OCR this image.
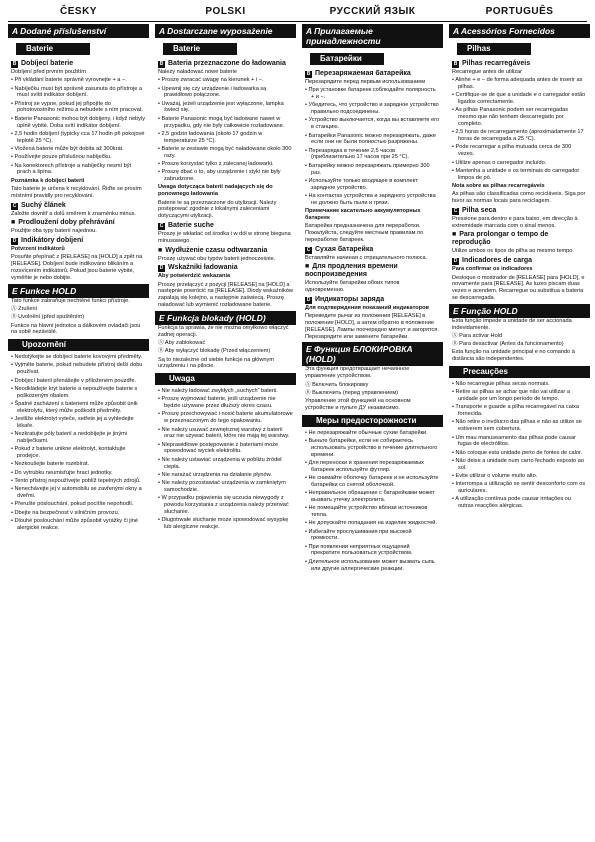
ČESKY
A Dodané příslušenství
Baterie
B Dobíjecí baterie

Dobíjení před prvním použitím

• Při vkládání baterie správně vyrovnejte + a −.

• Nabíječku musí být správně zasunuta do přístroje a musí svítit indikátor dobíjení.

• Přístroj se vypne, pokud jej připojíte do pohotovostního režimu a nebudete s ním pracovat.

• Baterie Panasonic mohou být dobíjeny, i když nebyly úplně vybité. Doba svítí indikátor dobíjení.

• 2,5 hodin dobíjení (typicky cca 17 hodin při pokojové teplotě 25 °C).

• Vložená baterie může být dobita až 300krát.

• Používejte pouze příslušnou nabíječku.

• Na konektorech přístroje a nabíječky nesmí být prach a špína.

Poznámka k dobíjecí baterii

Tato baterie je určena k recyklování. Řiďte se prosím místními pravidly pro recyklování.

C Suchý článek

Založte dovnitř a dolů směrem k znaménku minus.

■ Prodloužení doby přehrávání

Použijte oba typy baterií najednou.

D Indikátory dobíjení

Potvrzení indikátorů

Posuňte přepínač z [RELEASE] na [HOLD] a zpět na [RELEASE]. Dobíjení bude indikováno blikáním a rozsvícením indikátorů. Pokud jsou baterie vybité, vyměňte je nebo dobijte.

E Funkce HOLD

Tato funkce zabraňuje nechtěné funkci přístroje.

Ⓐ Zrušení

Ⓑ Uvolnění (před spuštěním)

Funkce na hlavní jednotce a dálkovém ovladači jsou na sobě nezávislé.

Upozornění

• Nedotýkejte se dobíjecí baterie kovovými předměty.

• Vyjměte baterie, pokud nebudete přístroj delší dobu používat.

• Dobíjecí baterii přenášejte v přiloženém pouzdře.

• Neodkládejte kryt baterie a nepoužívejte baterie s poškozeným obalem.

• Špatné zacházení s bateriemi může způsobit únik elektrolytu, který může poškodit předměty.

• Jestliže elektrolyt vyteče, setřete jej a vyhledejte lékaře.

• Nezkratujte póly baterií a nedobíjejte je jinými nabíječkami.

• Pokud z baterie unikne elektrolyt, kontaktujte prodejce.

• Nezkoušejte baterie rozebírat.

• Do vytrubku neumisťujte hrací jednotky.

• Tento přístroj nepoužívejte poblíž tepelných zdrojů.

• Nenechávejte jej v automobilu se zavřenými okny a dveřmi.

• Přerušte poslouchání, pokud pocítíte nepohodlí.

• Dbejte na bezpečnost v silničním provozu.

• Dlouhé poslouchání může způsobit vyrážky či jiné alergické reakce.

POLSKI
A Dostarczane wyposażenie
Baterie
B Bateria przeznaczone do ładowania

Należy naładować nowe baterie

• Proszę zwracać uwagę na kierunek + i −.

• Upewnij się czy urządzenie i ładowarka są prawidłowo połączone.

• Uważaj, jeżeli urządzenie jest wyłączone, lampka świeci się.

• Baterie Panasonic mogą być ładowane nawet w przypadku, gdy nie były całkowicie rozładowane.

• 2,5 godzin ładowania (około 17 godzin w temperaturze 25 °C).

• Baterie w zestawie mogą być naładowane około 300 razy.

• Proszę korzystać tylko z zalecanej ładowarki.

• Proszę dbać o to, aby urządzenie i styki nie były zabrudzone.

Uwaga dotycząca baterii nadających się do ponownego ładowania

Baterie te są przeznaczone do utylizacji. Należy postępować zgodnie z lokalnymi zaleceniami dotyczącymi utylizacji.

C Baterie suche

Proszę je wkładać od środka i w dół w stronę bieguna minusowego.

■ Wydłużenie czasu odtwarzania

Proszę używać obu typów baterii jednocześnie.

D Wskaźniki ładowania

Aby potwierdzić wskazania

Proszę przełączyć z pozycji [RELEASE] na [HOLD] a następnie powrócić na [RELEASE]. Diody wskaźników zapalają się kolejno, a następnie zaświecą. Proszę naładować lub wymienić rozładowane baterie.

E Funkcja blokady (HOLD)

Funkcja ta sprawia, że nie można omyłkowo włączyć żadnej operacji.

Ⓐ Aby zablokować

Ⓑ Aby wyłączyć blokadę (Przed włączeniem)

Są to niezależne od siebie funkcje na głównym urządzeniu i na pilocie.

Uwaga

• Nie należy ładować zwykłych „suchych” baterii.

• Proszę wyjmować baterie, jeśli urządzenie nie będzie używane przez dłuższy okres czasu.

• Proszę przechowywać i nosić baterie akumulatorowe w przeznaczonym do tego opakowaniu.

• Nie należy usuwać zewnętrznej warstwy z baterii oraz nie używać baterii, które nie mają tej warstwy.

• Nieprawidłowe postępowanie z bateriami może spowodować wyciek elektrolitu.

• Nie należy ustawiać urządzenia w pobliżu źródeł ciepła.

• Nie narażać urządzenia na działanie płynów.

• Nie należy pozostawiać urządzenia w zamkniętym samochodzie.

• W przypadku pojawienia się uczucia niewygody z powodu korzystania z urządzenia należy przerwać słuchanie.

• Długotrwałe słuchanie może spowodować wysypkę lub alergiczne reakcje.

РУССКИЙ ЯЗЫК
A Прилагаемые принадлежности
Батарейки
B Перезаряжаемая батарейка

Перезарядите перед первым использованием

• При установке батареек соблюдайте полярность + и −.

• Убедитесь, что устройство и зарядное устройство правильно подсоединены.

• Устройство выключается, когда вы вставляете его в станцию.

• Батарейки Panasonic можно перезаряжать, даже если они не были полностью разряжены.

• Перезарядка в течение 2,5 часов (приблизительно 17 часов при 25 °C).

• Батарейку можно перезаряжать примерно 300 раз.

• Используйте только входящее в комплект зарядное устройство.

• На контактах устройства и зарядного устройства не должно быть пыли и грязи.

Примечание касательно аккумуляторных батареек

Батарейка предназначена для переработки. Пожалуйста, следуйте местным правилам по переработке батареек.

C Сухая батарейка

Вставляйте начиная с отрицательного полюса.

■ Для продления времени воспроизведения

Используйте батарейки обоих типов одновременно.

D Индикаторы заряда

Для подтверждения показаний индикаторов

Переведите рычаг из положения [RELEASE] в положение [HOLD], а затем обратно в положение [RELEASE]. Лампы поочередно мигнут и загорятся. Перезарядите или замените батарейки.

E Функция БЛОКИРОВКА (HOLD)

Эта функция предотвращает нечаянное управление устройством.

Ⓐ Включить блокировку

Ⓑ Выключить (перед управлением)

Управление этой функцией на основном устройстве и пульте ДУ независимо.

Меры предосторожности

• Не перезаряжайте обычные сухие батарейки.

• Выньте батарейки, если не собираетесь использовать устройство в течение длительного времени.

• Для переноски и хранения перезаряжаемых батареек используйте футляр.

• Не снимайте оболочку батареек и не используйте батарейки со снятой оболочкой.

• Неправильное обращение с батарейками может вызвать утечку электролита.

• Не помещайте устройство вблизи источников тепла.

• Не допускайте попадания на изделие жидкостей.

• Избегайте прослушивания при высокой громкости.

• При появлении неприятных ощущений прекратите пользоваться устройством.

• Длительное использование может вызвать сыпь или другие аллергические реакции.

PORTUGUÊS
A Acessórios Fornecidos
Pilhas
B Pilhas recarregáveis

Recarregue antes de utilizar

• Alinhe + e − de forma adequada antes de inserir as pilhas.

• Certifique-se de que a unidade e o carregador estão ligados correctamente.

• As pilhas Panasonic podem ser recarregadas mesmo que não tenham descarregado por completo.

• 2,5 horas de recarregamento (aproximadamente 17 horas de recarregada a 25 °C).

• Pode recarregar a pilha mutuada cerca de 300 vezes.

• Utilize apenas o carregador incluído.

• Mantenha a unidade e os terminais do carregador limpos de pó.

Nota sobre as pilhas recarregáveis

As pilhas são classificadas como recicláveis. Siga por favor as normas locais para reciclagem.

C Pilha seca

Pressione para dentro e para baixo, em direcção à extremidade marcada com o sinal menos.

■ Para prolongar o tempo de reprodução

Utilize ambos os tipos de pilha ao mesmo tempo.

D Indicadores de carga

Para confirmar os indicadores

Desloque o mostrador de [RELEASE] para [HOLD], e novamente para [RELEASE]. As luzes piscam duas vezes e acendem. Recarregue ou substitua a bateria se descarregada.

E Função HOLD

Esta função impede a unidade de ser accionada indevidamente.

Ⓐ Para activar Hold

Ⓑ Para desactivar (Antes da funcionamento)

Esta função na unidade principal e no comando à distância são independentes.

Precauções

• Não recarregue pilhas secas normais.

• Retire as pilhas se achar que não vai utilizar a unidade por um longo período de tempo.

• Transporte e guarde a pilha recarregável na caixa fornecida.

• Não retire o invólucro das pilhas e não as utilize se estiverem sem cobertura.

• Um mau manuseamento das pilhas pode causar fugas de electrólitos.

• Não coloque esta unidade perto de fontes de calor.

• Não deixe a unidade num carro fechado exposto ao sol.

• Evite utilizar o volume muito alto.

• Interrompa a utilização se sentir desconforto com os auriculares.

• A utilização contínua pode causar irritações ou outras reacções alérgicas.
